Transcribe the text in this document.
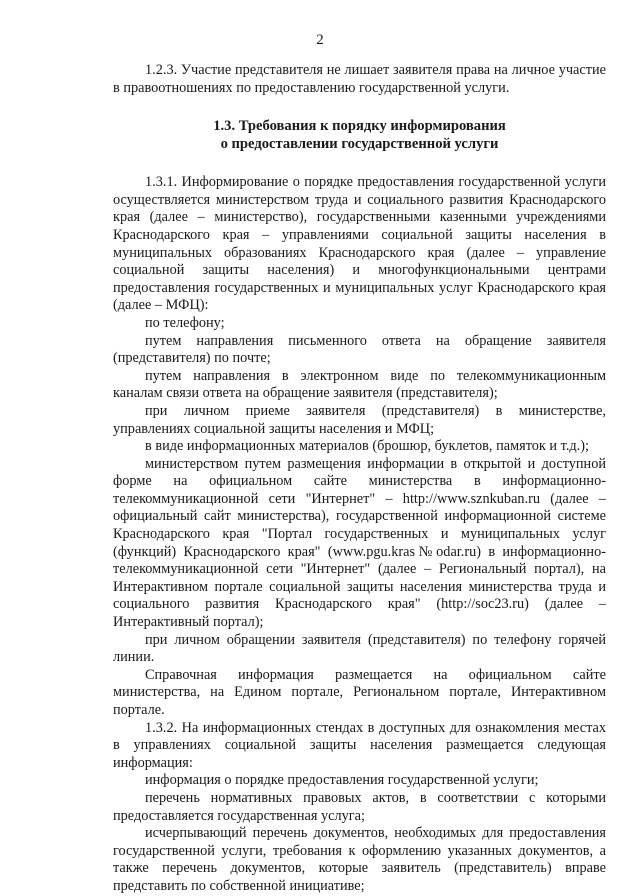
2

1.2.3. Участие представителя не лишает заявителя права на личное участие в правоотношениях по предоставлению государственной услуги.

1.3. Требования к порядку информирования

о предоставлении государственной услуги

1.3.1. Информирование о порядке предоставления государственной услуги осуществляется министерством труда и социального развития Краснодарского края (далее – министерство), государственными казенными учреждениями Краснодарского края – управлениями социальной защиты населения в муниципальных образованиях Краснодарского края (далее – управление социальной защиты населения) и многофункциональными центрами предоставления государственных и муниципальных услуг Краснодарского края (далее – МФЦ):

по телефону;

путем направления письменного ответа на обращение заявителя (представителя) по почте;

путем направления в электронном виде по телекоммуникационным каналам связи ответа на обращение заявителя (представителя);

при личном приеме заявителя (представителя) в министерстве, управлениях социальной защиты населения и МФЦ;

в виде информационных материалов (брошюр, буклетов, памяток и т.д.);

министерством путем размещения информации в открытой и доступной форме на официальном сайте министерства в информационно-телекоммуникационной сети "Интернет" – http://www.sznkuban.ru (далее – официальный сайт министерства), государственной информационной системе Краснодарского края "Портал государственных и муниципальных услуг (функций) Краснодарского края" (www.pgu.kras№odar.ru) в информационно-телекоммуникационной сети "Интернет" (далее – Региональный портал), на Интерактивном портале социальной защиты населения министерства труда и социального развития Краснодарского края" (http://soc23.ru) (далее – Интерактивный портал);

при личном обращении заявителя (представителя) по телефону горячей линии.

Справочная информация размещается на официальном сайте министерства, на Едином портале, Региональном портале, Интерактивном портале.

1.3.2. На информационных стендах в доступных для ознакомления местах в управлениях социальной защиты населения размещается следующая информация:

информация о порядке предоставления государственной услуги;

перечень нормативных правовых актов, в соответствии с которыми предоставляется государственная услуга;

исчерпывающий перечень документов, необходимых для предоставления государственной услуги, требования к оформлению указанных документов, а также перечень документов, которые заявитель (представитель) вправе представить по собственной инициативе;
